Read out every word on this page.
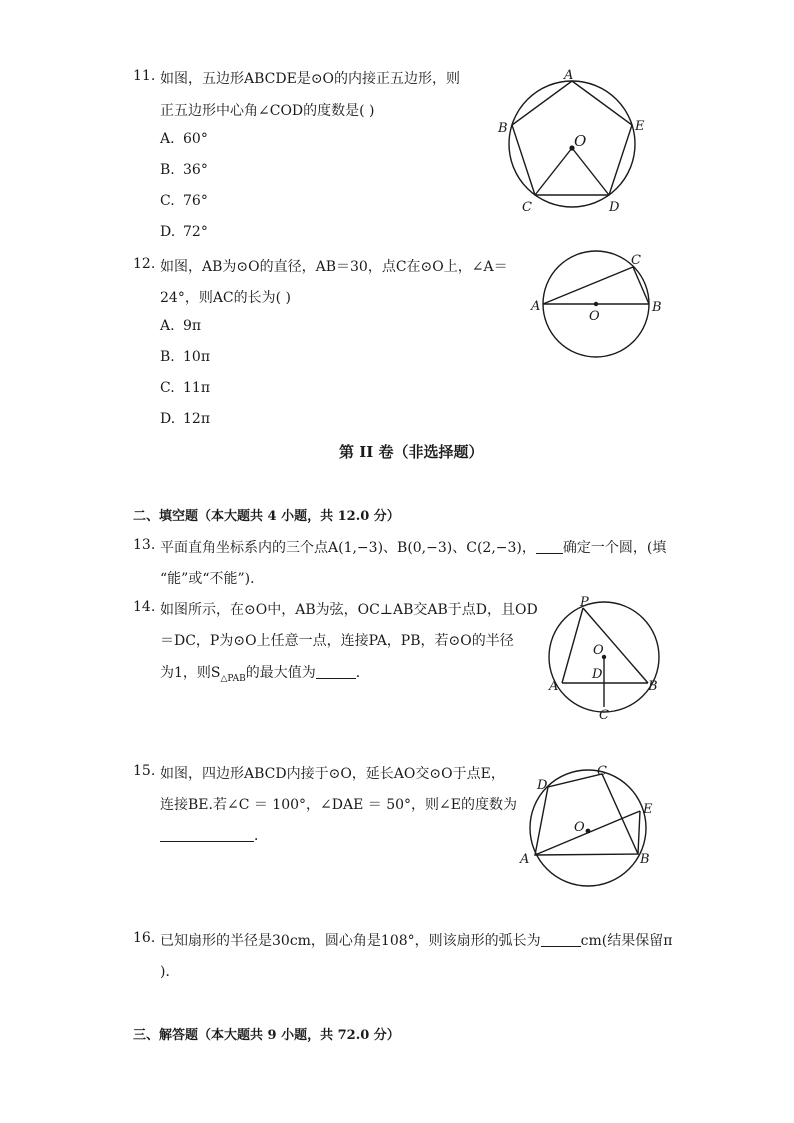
11. 如图，五边形ABCDE是⊙O的内接正五边形，则
正五边形中心角∠COD的度数是( )
A. 60°
B. 36°
C. 76°
D. 72°
A
B
C	D
E
O
12. 如图，AB为⊙O的直径，AB＝30，点C在⊙O上，∠A＝
24°，则AC的长为( )
A. 9π
B. 10π
C. 11π
D. 12π
A	B
C
O
第 II 卷（非选择题）
二、填空题（本大题共 4 小题，共 12.0 分）
13. 平面直角坐标系内的三个点A(1,−3)、B(0,−3)、C(2,−3)， 确定一个圆，(填
“能”或“不能”)．
14. 如图所示，在⊙O中，AB为弦，OC⊥AB交AB于点D，且OD
＝DC，P为⊙O上任意一点，连接PA，PB，若⊙O的半径
为1，则$S_{\triangle PAB}$的最大值为	．
P
O
A
D
B
C
15. 如图，四边形ABCD内接于⊙O，延长AO交⊙O于点E，
连接BE.若∠C ＝ 100°，∠DAE ＝ 50°，则∠E的度数为
．
A	B
C
D
E
O
16. 已知扇形的半径是30cm，圆心角是108°，则该扇形的弧长为	cm(结果保留π
)．
三、解答题（本大题共 9 小题，共 72.0 分）
